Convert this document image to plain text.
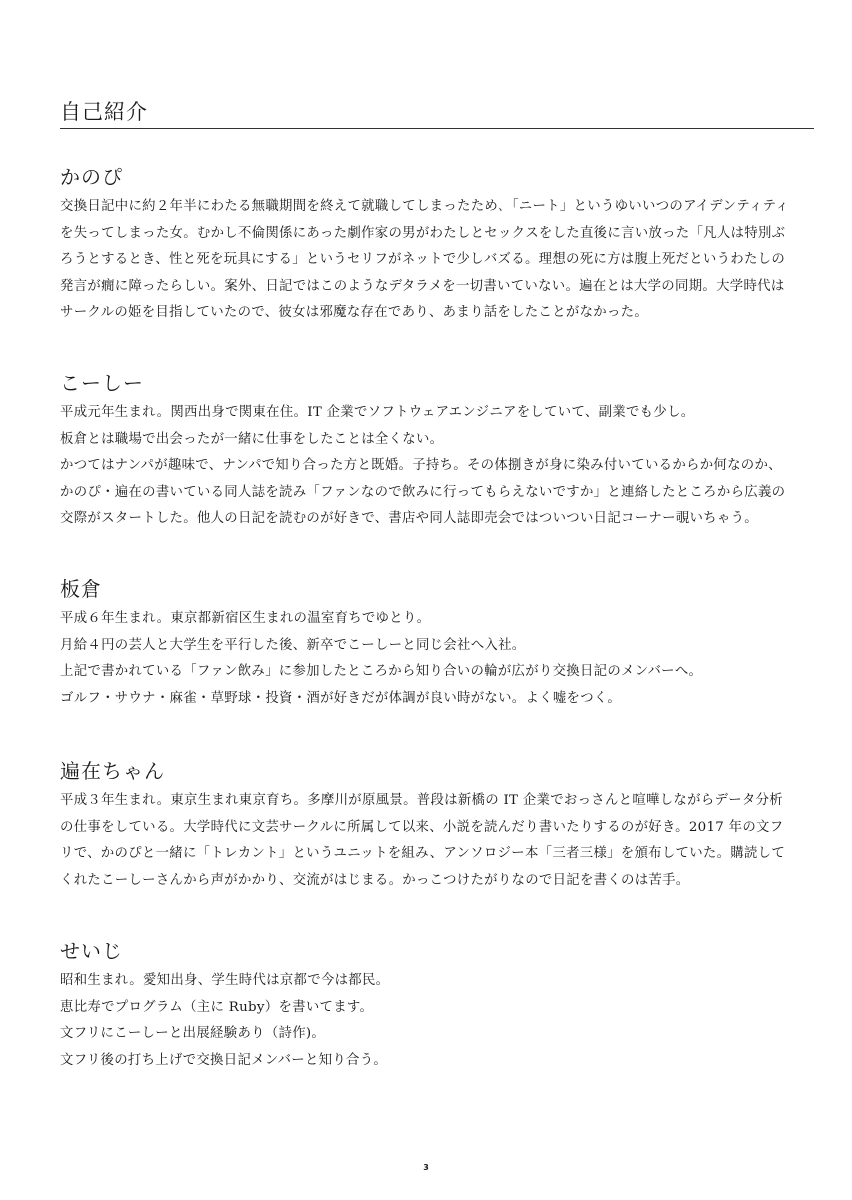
自己紹介
かのぴ

交換日記中に約２年半にわたる無職期間を終えて就職してしまったため､「ニート」というゆいいつのアイデンティティ

を失ってしまった女。むかし不倫関係にあった劇作家の男がわたしとセックスをした直後に言い放った「凡人は特別ぶ

ろうとするとき、性と死を玩具にする」というセリフがネットで少しバズる。理想の死に方は腹上死だというわたしの

発言が癇に障ったらしい。案外、日記ではこのようなデタラメを一切書いていない。遍在とは大学の同期。大学時代は

サークルの姫を目指していたので、彼女は邪魔な存在であり、あまり話をしたことがなかった。

こーしー

平成元年生まれ。関西出身で関東在住。IT 企業でソフトウェアエンジニアをしていて、副業でも少し。

板倉とは職場で出会ったが一緒に仕事をしたことは全くない。

かつてはナンパが趣味で、ナンパで知り合った方と既婚。子持ち。その体捌きが身に染み付いているからか何なのか、

かのぴ・遍在の書いている同人誌を読み「ファンなので飲みに行ってもらえないですか」と連絡したところから広義の

交際がスタートした。他人の日記を読むのが好きで、書店や同人誌即売会ではついつい日記コーナー覗いちゃう。

板倉

平成６年生まれ。東京都新宿区生まれの温室育ちでゆとり。

月給４円の芸人と大学生を平行した後、新卒でこーしーと同じ会社へ入社。

上記で書かれている「ファン飲み」に参加したところから知り合いの輪が広がり交換日記のメンバーへ。

ゴルフ・サウナ・麻雀・草野球・投資・酒が好きだが体調が良い時がない。よく嘘をつく。

遍在ちゃん

平成３年生まれ。東京生まれ東京育ち。多摩川が原風景。普段は新橋の IT 企業でおっさんと喧嘩しながらデータ分析

の仕事をしている。大学時代に文芸サークルに所属して以来、小説を読んだり書いたりするのが好き。2017 年の文フ

リで、かのぴと一緒に「トレカント」というユニットを組み、アンソロジー本「三者三様」を頒布していた。購読して

くれたこーしーさんから声がかかり、交流がはじまる。かっこつけたがりなので日記を書くのは苦手。

せいじ

昭和生まれ。愛知出身、学生時代は京都で今は都民。

恵比寿でプログラム（主に Ruby）を書いてます。

文フリにこーしーと出展経験あり（詩作)。

文フリ後の打ち上げで交換日記メンバーと知り合う。

3
